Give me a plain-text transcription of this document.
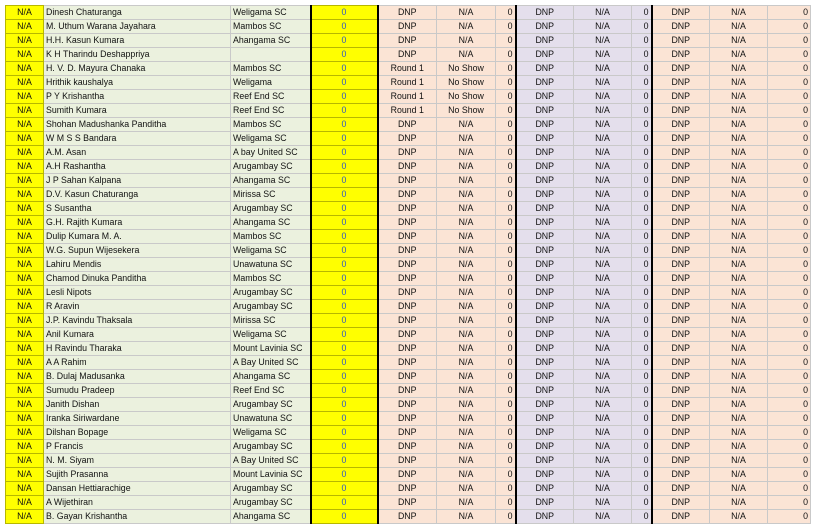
N/A	Dinesh Chaturanga	Weligama SC	0	DNP	N/A	0	DNP	N/A	0	DNP	N/A	0
N/A	M. Uthum Warana Jayahara	Mambos SC	0	DNP	N/A	0	DNP	N/A	0	DNP	N/A	0
N/A	H.H. Kasun Kumara	Ahangama SC	0	DNP	N/A	0	DNP	N/A	0	DNP	N/A	0
N/A	K H Tharindu Deshappriya		0	DNP	N/A	0	DNP	N/A	0	DNP	N/A	0
N/A	H. V. D. Mayura Chanaka	Mambos SC	0	Round 1	No Show	0	DNP	N/A	0	DNP	N/A	0
N/A	Hrithik kaushalya	Weligama	0	Round 1	No Show	0	DNP	N/A	0	DNP	N/A	0
N/A	P Y Krishantha	Reef End SC	0	Round 1	No Show	0	DNP	N/A	0	DNP	N/A	0
N/A	Sumith Kumara	Reef End SC	0	Round 1	No Show	0	DNP	N/A	0	DNP	N/A	0
N/A	Shohan Madushanka Panditha	Mambos SC	0	DNP	N/A	0	DNP	N/A	0	DNP	N/A	0
N/A	W M S S Bandara	Weligama SC	0	DNP	N/A	0	DNP	N/A	0	DNP	N/A	0
N/A	A.M. Asan	A bay United SC	0	DNP	N/A	0	DNP	N/A	0	DNP	N/A	0
N/A	A.H Rashantha	Arugambay SC	0	DNP	N/A	0	DNP	N/A	0	DNP	N/A	0
N/A	J P Sahan Kalpana	Ahangama SC	0	DNP	N/A	0	DNP	N/A	0	DNP	N/A	0
N/A	D.V. Kasun Chaturanga	Mirissa SC	0	DNP	N/A	0	DNP	N/A	0	DNP	N/A	0
N/A	S Susantha	Arugambay SC	0	DNP	N/A	0	DNP	N/A	0	DNP	N/A	0
N/A	G.H. Rajith Kumara	Ahangama SC	0	DNP	N/A	0	DNP	N/A	0	DNP	N/A	0
N/A	Dulip Kumara M. A.	Mambos SC	0	DNP	N/A	0	DNP	N/A	0	DNP	N/A	0
N/A	W.G. Supun Wijesekera	Weligama SC	0	DNP	N/A	0	DNP	N/A	0	DNP	N/A	0
N/A	Lahiru Mendis	Unawatuna SC	0	DNP	N/A	0	DNP	N/A	0	DNP	N/A	0
N/A	Chamod Dinuka Panditha	Mambos SC	0	DNP	N/A	0	DNP	N/A	0	DNP	N/A	0
N/A	Lesli Nipots	Arugambay SC	0	DNP	N/A	0	DNP	N/A	0	DNP	N/A	0
N/A	R Aravin	Arugambay SC	0	DNP	N/A	0	DNP	N/A	0	DNP	N/A	0
N/A	J.P. Kavindu Thaksala	Mirissa SC	0	DNP	N/A	0	DNP	N/A	0	DNP	N/A	0
N/A	Anil Kumara	Weligama SC	0	DNP	N/A	0	DNP	N/A	0	DNP	N/A	0
N/A	H Ravindu Tharaka	Mount Lavinia SC	0	DNP	N/A	0	DNP	N/A	0	DNP	N/A	0
N/A	A A Rahim	A Bay United SC	0	DNP	N/A	0	DNP	N/A	0	DNP	N/A	0
N/A	B. Dulaj Madusanka	Ahangama SC	0	DNP	N/A	0	DNP	N/A	0	DNP	N/A	0
N/A	Sumudu Pradeep	Reef End SC	0	DNP	N/A	0	DNP	N/A	0	DNP	N/A	0
N/A	Janith Dishan	Arugambay SC	0	DNP	N/A	0	DNP	N/A	0	DNP	N/A	0
N/A	Iranka Siriwardane	Unawatuna SC	0	DNP	N/A	0	DNP	N/A	0	DNP	N/A	0
N/A	Dilshan Bopage	Weligama SC	0	DNP	N/A	0	DNP	N/A	0	DNP	N/A	0
N/A	P Francis	Arugambay SC	0	DNP	N/A	0	DNP	N/A	0	DNP	N/A	0
N/A	N. M. Siyam	A Bay United SC	0	DNP	N/A	0	DNP	N/A	0	DNP	N/A	0
N/A	Sujith Prasanna	Mount Lavinia SC	0	DNP	N/A	0	DNP	N/A	0	DNP	N/A	0
N/A	Dansan Hettiarachige	Arugambay SC	0	DNP	N/A	0	DNP	N/A	0	DNP	N/A	0
N/A	A Wijethiran	Arugambay SC	0	DNP	N/A	0	DNP	N/A	0	DNP	N/A	0
N/A	B. Gayan Krishantha	Ahangama SC	0	DNP	N/A	0	DNP	N/A	0	DNP	N/A	0
